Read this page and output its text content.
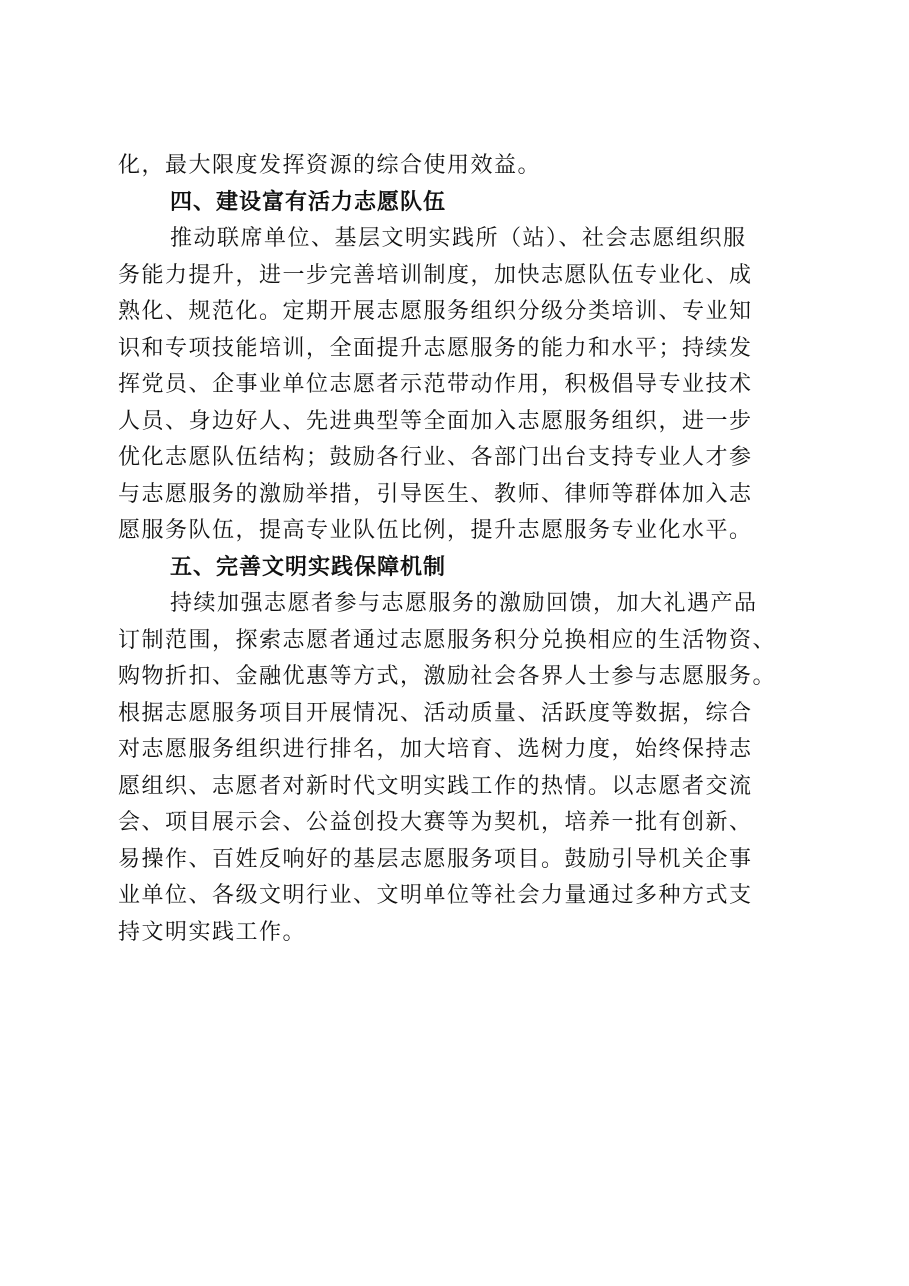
化，最大限度发挥资源的综合使用效益。
四、建设富有活力志愿队伍
推动联席单位、基层文明实践所（站）、社会志愿组织服
务能力提升，进一步完善培训制度，加快志愿队伍专业化、成
熟化、规范化。定期开展志愿服务组织分级分类培训、专业知
识和专项技能培训，全面提升志愿服务的能力和水平；持续发
挥党员、企事业单位志愿者示范带动作用，积极倡导专业技术
人员、身边好人、先进典型等全面加入志愿服务组织，进一步
优化志愿队伍结构；鼓励各行业、各部门出台支持专业人才参
与志愿服务的激励举措，引导医生、教师、律师等群体加入志
愿服务队伍，提高专业队伍比例，提升志愿服务专业化水平。
五、完善文明实践保障机制
持续加强志愿者参与志愿服务的激励回馈，加大礼遇产品
订制范围，探索志愿者通过志愿服务积分兑换相应的生活物资、
购物折扣、金融优惠等方式，激励社会各界人士参与志愿服务。
根据志愿服务项目开展情况、活动质量、活跃度等数据，综合
对志愿服务组织进行排名，加大培育、选树力度，始终保持志
愿组织、志愿者对新时代文明实践工作的热情。以志愿者交流
会、项目展示会、公益创投大赛等为契机，培养一批有创新、
易操作、百姓反响好的基层志愿服务项目。鼓励引导机关企事
业单位、各级文明行业、文明单位等社会力量通过多种方式支
持文明实践工作。
